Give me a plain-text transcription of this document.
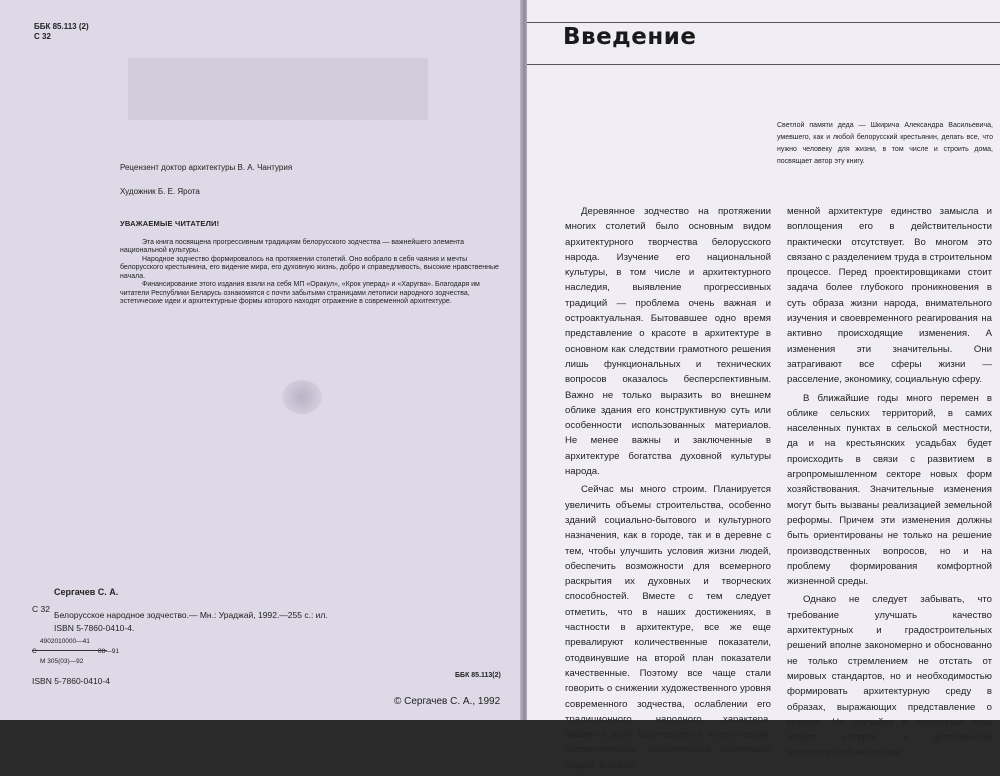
ББК 85.113 (2)
С 32

Рецензент доктор архитектуры В. А. Чантурия

Художник Б. Е. Ярота

УВАЖАЕМЫЕ ЧИТАТЕЛИ!

Эта книга посвящена прогрессивным традициям белорусского зодчества — важнейшего элемента национальной культуры.

Народное зодчество формировалось на протяжении столетий. Оно вобрало в себя чаяния и мечты белорусского крестьянина, его видение мира, его духовную жизнь, добро и справедливость, высокие нравственные начала.

Финансирование этого издания взяли на себя МП «Оракул», «Крок уперад» и «Харугва». Благодаря им читатели Республики Беларусь ознакомятся с почти забытыми страницами летописи народного зодчества, эстетические идеи и архитектурные формы которого находят отражение в современной архитектуре.

С 32
Сергачев С. А.
Белорусское народное зодчество.— Мн.: Ураджай, 1992.—255 с.: ил.
ISBN 5-7860-0410-4.
4902010000—41
С	88—91
М 305(03)—92
ISBN 5-7860-0410-4
ББК 85.113(2)
© Сергачев С. А., 1992
Введение
Светлой памяти деда — Шкирича Александра Васильевича, умевшего, как и любой белорусский крестьянин, делать все, что нужно человеку для жизни, в том числе и строить дома, посвящает автор эту книгу.

Деревянное зодчество на протяжении многих столетий было основным видом архитектурного творчества белорусского народа. Изучение его национальной культуры, в том числе и архитектурного наследия, выявление прогрессивных традиций — проблема очень важная и остроактуальная. Бытовавшее одно время представление о красоте в архитектуре в основном как следствии грамотного решения лишь функциональных и технических вопросов оказалось бесперспективным. Важно не только выразить во внешнем облике здания его конструктивную суть или особенности использованных материалов. Не менее важны и заключенные в архитектуре богатства духовной культуры народа.

Сейчас мы много строим. Планируется увеличить объемы строительства, особенно зданий социально-бытового и культурного назначения, как в городе, так и в деревне с тем, чтобы улучшить условия жизни людей, обеспечить возможности для всемерного раскрытия их духовных и творческих способностей. Вместе с тем следует отметить, что в наших достижениях, в частности в архитектуре, все же еще превалируют количественные показатели, отодвинувшие на второй план показатели качественные. Поэтому все чаще стали говорить о снижении художественного уровня современного зодчества, ослаблении его традиционного, народного характера, забвении роли архитектуры в эстетическом, патриотическом, нравственном воспитании людей. В совре-

менной архитектуре единство замысла и воплощения его в действительности практически отсутствует. Во многом это связано с разделением труда в строительном процессе. Перед проектировщиками стоит задача более глубокого проникновения в суть образа жизни народа, внимательного изучения и своевременного реагирования на активно происходящие изменения. А изменения эти значительны. Они затрагивают все сферы жизни — расселение, экономику, социальную сферу.

В ближайшие годы много перемен в облике сельских территорий, в самих населенных пунктах в сельской местности, да и на крестьянских усадьбах будет происходить в связи с развитием в агропромышленном секторе новых форм хозяйствования. Значительные изменения могут быть вызваны реализацией земельной реформы. Причем эти изменения должны быть ориентированы не только на решение производственных вопросов, но и на проблему формирования комфортной жизненной среды.

Однако не следует забывать, что требование улучшать качество архитектурных и градостроительных решений вполне закономерно и обоснованно не только стремлением не отстать от мировых стандартов, но и необходимостью формировать архитектурную среду в образах, выражающих представление о красоте. Не случайно в последние годы возрос интерес к достижениям архитектурной мысли как
